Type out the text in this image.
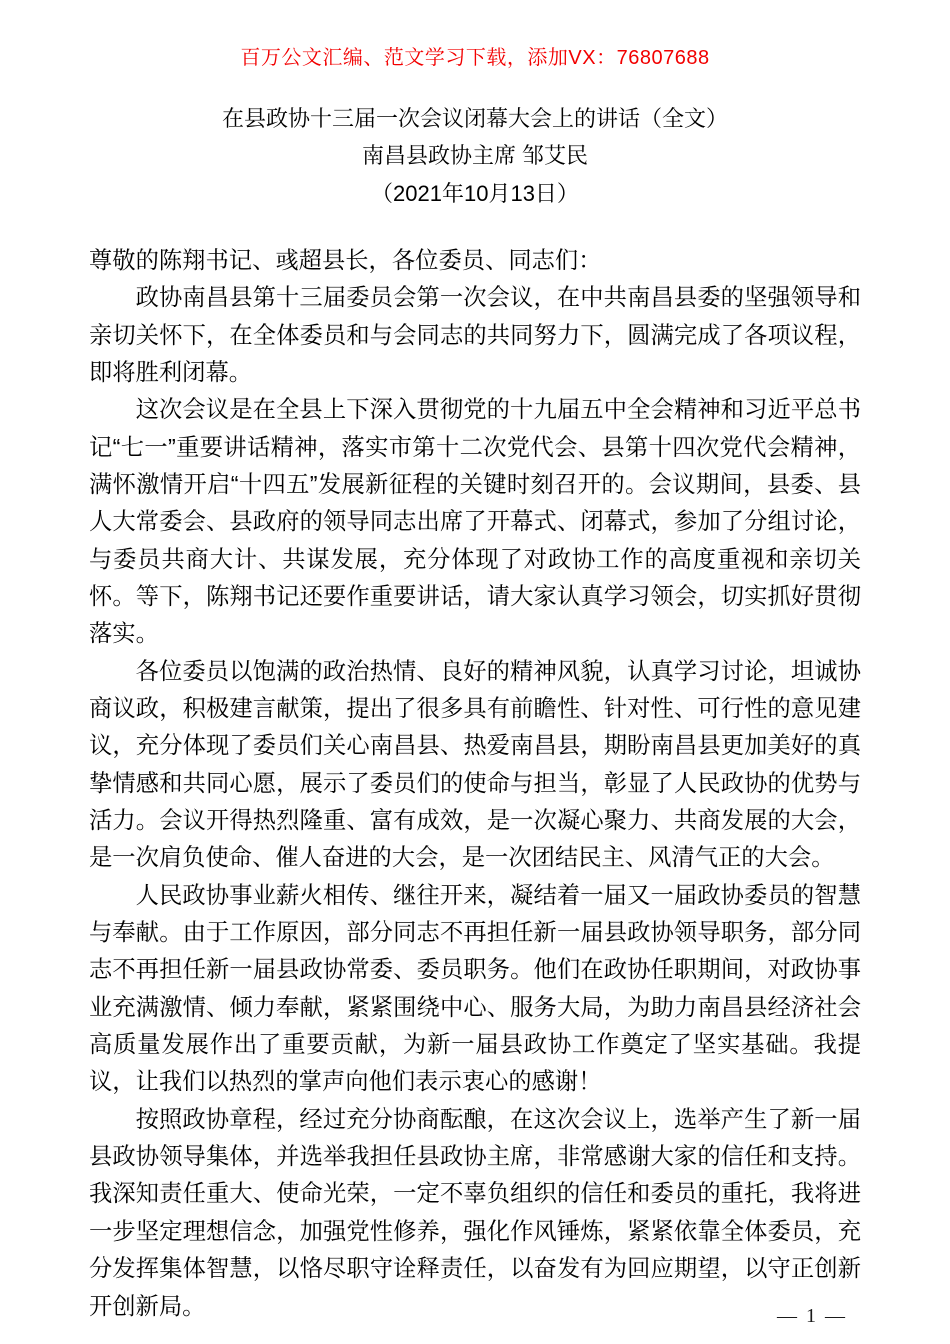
百万公文汇编、范文学习下载，添加VX：76807688
在县政协十三届一次会议闭幕大会上的讲话（全文）
南昌县政协主席 邹艾民
（2021年10月13日）

尊敬的陈翔书记、彧超县长，各位委员、同志们：

政协南昌县第十三届委员会第一次会议，在中共南昌县委的坚强领导和亲切关怀下，在全体委员和与会同志的共同努力下，圆满完成了各项议程，即将胜利闭幕。

这次会议是在全县上下深入贯彻党的十九届五中全会精神和习近平总书记“七一”重要讲话精神，落实市第十二次党代会、县第十四次党代会精神，满怀激情开启“十四五”发展新征程的关键时刻召开的。会议期间，县委、县人大常委会、县政府的领导同志出席了开幕式、闭幕式，参加了分组讨论，与委员共商大计、共谋发展，充分体现了对政协工作的高度重视和亲切关怀。等下，陈翔书记还要作重要讲话，请大家认真学习领会，切实抓好贯彻落实。

各位委员以饱满的政治热情、良好的精神风貌，认真学习讨论，坦诚协商议政，积极建言献策，提出了很多具有前瞻性、针对性、可行性的意见建议，充分体现了委员们关心南昌县、热爱南昌县，期盼南昌县更加美好的真挚情感和共同心愿，展示了委员们的使命与担当，彰显了人民政协的优势与活力。会议开得热烈隆重、富有成效，是一次凝心聚力、共商发展的大会，是一次肩负使命、催人奋进的大会，是一次团结民主、风清气正的大会。

人民政协事业薪火相传、继往开来，凝结着一届又一届政协委员的智慧与奉献。由于工作原因，部分同志不再担任新一届县政协领导职务，部分同志不再担任新一届县政协常委、委员职务。他们在政协任职期间，对政协事业充满激情、倾力奉献，紧紧围绕中心、服务大局，为助力南昌县经济社会高质量发展作出了重要贡献，为新一届县政协工作奠定了坚实基础。我提议，让我们以热烈的掌声向他们表示衷心的感谢！

按照政协章程，经过充分协商酝酿，在这次会议上，选举产生了新一届县政协领导集体，并选举我担任县政协主席，非常感谢大家的信任和支持。我深知责任重大、使命光荣，一定不辜负组织的信任和委员的重托，我将进一步坚定理想信念，加强党性修养，强化作风锤炼，紧紧依靠全体委员，充分发挥集体智慧，以恪尽职守诠释责任，以奋发有为回应期望，以守正创新开创新局。	— 1 —
